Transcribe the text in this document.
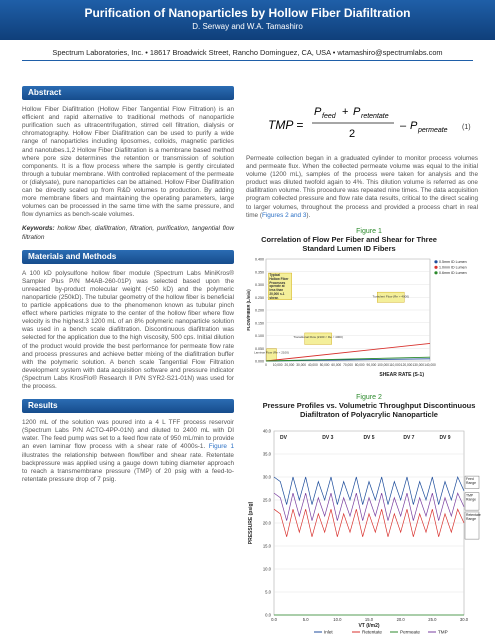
Purification of Nanoparticles by Hollow Fiber Diafiltration
D. Serway and W.A. Tamashiro
Spectrum Laboratories, Inc. • 18617 Broadwick Street, Rancho Dominguez, CA, USA • wtamashiro@spectrumlabs.com
Abstract

Hollow Fiber Diafiltration (Hollow Fiber Tangential Flow Filtration) is an efficient and rapid alternative to traditional methods of nanoparticle purification such as ultracentrifugation, stirred cell filtration, dialysis or chromatography. Hollow Fiber Diafiltration can be used to purify a wide range of nanoparticles including liposomes, colloids, magnetic particles and nanotubes.1,2 Hollow Fiber Diafiltration is a membrane based method where pore size determines the retention or transmission of solution components. It is a flow process where the sample is gently circulated through a tubular membrane. With controlled replacement of the permeate or (dialysate), pure nanoparticles can be attained. Hollow Fiber Diafiltration can be directly scaled up from R&D volumes to production. By adding more membrane fibers and maintaining the operating parameters, large volumes can be processed in the same time with the same pressure, and flow dynamics as bench-scale volumes.

Keywords: hollow fiber, diafiltration, filtration, purification, tangential flow filtration

Materials and Methods

A 100 kD polysulfone hollow fiber module (Spectrum Labs MiniKros® Sampler Plus P/N M4AB-260-01P) was selected based upon the unreacted by-product molecular weight (<50 kD) and the polymeric nanoparticle (250kD). The tubular geometry of the hollow fiber is beneficial to particle applications due to the phenomenon known as tubular pinch effect where particles migrate to the center of the hollow fiber where flow velocity is the highest.3 1200 mL of an 8% polymeric nanoparticle solution was used in a bench scale diafiltration. Discontinuous diafiltration was selected for the application due to the high viscosity, 500 cps. Initial dilution of the product would provide the best performance for permeate flow rate and process pressures and achieve better mixing of the diafiltration buffer with the polymeric solution. A bench scale Tangential Flow Filtration development system with data acquisition software and pressure indicator (Spectrum Labs KrosFlo® Research II P/N SYR2-S21-01N) was used for the process.

Results

1200 mL of the solution was poured into a 4 L TFF process reservoir (Spectrum Labs P/N ACTO-4PP-01N) and diluted to 2400 mL with DI water. The feed pump was set to a feed flow rate of 950 mL/min to provide an even laminar flow process with a shear rate of 4000s-1. Figure 1 illustrates the relationship between flow/fiber and shear rate. Retentate backpressure was applied using a gauge down tubing diameter approach to reach a transmembrane pressure (TMP) of 20 psig with a feed-to-retentate pressure drop of 7 psig.

TMP =
P feed + P retentate
2
– P permeate (1)

Permeate collection began in a graduated cylinder to monitor process volumes and permeate flux. When the collected permeate volume was equal to the initial volume (1200 mL), samples of the process were taken for analysis and the product was diluted twofold again to 4%. This dilution volume is referred as one diafiltration volume. This procedure was repeated nine times. The data acquisition program collected pressure and flow rate data results, critical to the direct scaling to larger volumes, throughout the process and provided a process chart in real time (Figures 2 and 3).

Figure 1
Correlation of Flow Per Fiber and Shear for Three Standard Lumen ID Fibers
0.000
0.050
0.100
0.150
0.200
0.250
0.300
0.350
0.400
0 10,000 20,000 30,000 40,000 50,000 60,000 70,000 80,000 90,000 100,000 110,000 120,000 130,000 140,000
Laminar Flow (Re < 2100)
Transitional Flow (2100 < Re < 4000)
Turbulent Flow (Re > 4000)
Typical Hollow Fiber Processes operate at less than 20,000 s-1 shear.
0.5mm ID Lumen
1.0mm ID Lumen
0.6mm ID Lumen
FLOW/FIBER (L/min)
SHEAR RATE (S-1)
Figure 2
Pressure Profiles vs. Volumetric Throughput Discontinuous Diafiltraton of Polyacrylic Nanoparticle
0.0
5.0
10.0
15.0
20.0
25.0
30.0
35.0
40.0
0.0	5.0	10.0	15.0	20.0	25.0	30.0
DV	DV 3	DV 5	DV 7	DV 9
Feed
Range
TMP
Range
Retentate
Range
Inlet	Retentate	Permeate	TMP
PRESSURE (psig)
VT (l/m2)
